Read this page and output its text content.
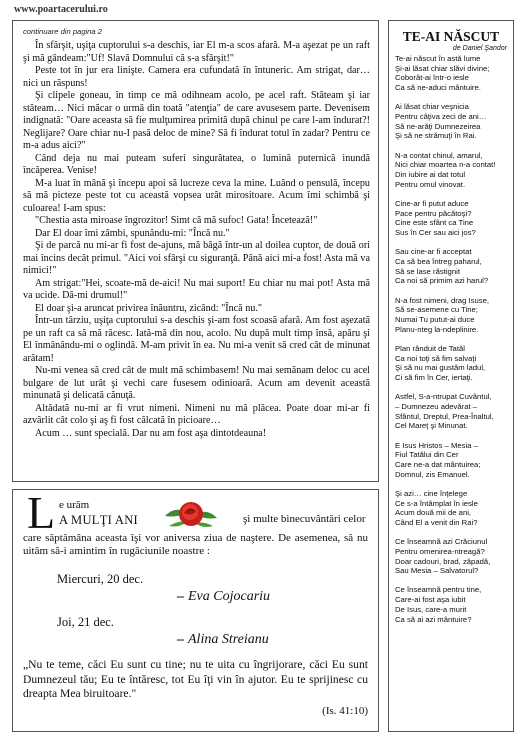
www.poartacerului.ro
continuare din pagina 2

În sfârşit, uşiţa cuptorului s-a deschis, iar El m-a scos afară. M-a aşezat pe un raft şi mă gândeam:"Uf! Slavă Domnului că s-a sfârşit!"

Peste tot în jur era linişte. Camera era cufundată în întuneric. Am strigat, dar… nici un răspuns!

Şi clipele goneau, în timp ce mă odihneam acolo, pe acel raft. Stăteam şi iar stăteam… Nici măcar o urmă din toată "atenţia" de care avusesem parte. Devenisem indignată: "Oare aceasta să fie mulţumirea primită după chinul pe care l-am îndurat?! Neglijare? Oare chiar nu-I pasă deloc de mine? Să fi îndurat totul în zadar? Pentru ce m-a adus aici?"

Când deja nu mai puteam suferi singurătatea, o lumină puternică inundă încăperea. Venise!

M-a luat în mână şi începu apoi să lucreze ceva la mine. Luând o pensulă, începu să mă picteze peste tot cu această vopsea urât mirositoare. Acum îmi schimbă şi culoarea! I-am spus:

"Chestia asta miroase îngrozitor! Simt că mă sufoc! Gata! Încetează!"

Dar El doar îmi zâmbi, spunându-mi: "Încă nu."

Şi de parcă nu mi-ar fi fost de-ajuns, mă băgă într-un al doilea cuptor, de două ori mai încins decât primul. "Aici voi sfârşi cu siguranţă. Până aici mi-a fost! Asta mă va nimici!"

Am strigat:"Hei, scoate-mă de-aici! Nu mai suport! Eu chiar nu mai pot! Asta mă va ucide. Dă-mi drumul!"

El doar şi-a aruncat privirea înăuntru, zicând: "Încă nu."

Într-un târziu, uşiţa cuptorului s-a deschis şi-am fost scoasă afară. Am fost aşezată pe un raft ca să mă răcesc. Iată-mă din nou, acolo. Nu după mult timp însă, apăru şi El înmânându-mi o oglindă. M-am privit în ea. Nu mi-a venit să cred cât de minunat arătam!

Nu-mi venea să cred cât de mult mă schimbasem! Nu mai semănam deloc cu acel bulgare de lut urât şi vechi care fusesem odinioară. Acum am devenit această minunată şi delicată cănuţă.

Altădată nu-mi ar fi vrut nimeni. Nimeni nu mă plăcea. Poate doar mi-ar fi azvârlit cât colo şi aş fi fost călcată în picioare…

Acum … sunt specială. Dar nu am fost aşa dintotdeauna!

L e urăm
A MULŢI ANI	şi multe binecuvântări celor

care săptămâna aceasta îşi vor aniversa ziua de naştere. De asemenea, să nu uităm să-i amintim în rugăciunile noastre :

Miercuri, 20 dec.

– Eva Cojocariu

Joi, 21 dec.

– Alina Streianu

„Nu te teme, căci Eu sunt cu tine; nu te uita cu îngrijorare, căci Eu sunt Dumnezeul tău; Eu te întăresc, tot Eu îţi vin în ajutor. Eu te sprijinesc cu dreapta Mea biruitoare."

(Is. 41:10)

TE-AI NĂSCUT

de Daniel Şandor

Te-ai născut în astă lume
Şi-ai lăsat chiar slăvi divine;
Coborât-ai într-o iesle
Ca să ne-aduci mântuire.
Ai lăsat chiar veşnicia
Pentru câţiva zeci de ani…
Să ne-arăţi Dumnezeirea
Şi să ne strămuţi în Rai.
N-a contat chinul, amarul,
Nici chiar moartea n-a contat!
Din iubire ai dat totul
Pentru omul vinovat.
Cine-ar fi putut aduce
Pace pentru păcătoşi?
Cine este sfânt ca Tine
Sus în Cer sau aici jos?
Sau cine-ar fi acceptat
Ca să bea întreg paharul,
Să se lase răstignit
Ca noi să primim azi harul?
N-a fost nimeni, drag Isuse,
Să se-asemene cu Tine;
Numai Tu putut-ai duce
Planu-nteg la-ndeplinire.
Plan rânduit de Tatăl
Ca noi toţi să fim salvaţi
Şi să nu mai gustăm ladul,
Ci să fim în Cer, iertaţi.
Astfel, S-a-ntrupat Cuvântul,
– Dumnezeu adevărat –
Sfântul, Dreptul, Prea-Înaltul,
Cel Mareţ şi Minunat.
E Isus Hristos – Mesia –
Fiul Tatălui din Cer
Care ne-a dat mântuirea;
Domnul, zis Emanuel.
Şi azi… cine înţelege
Ce s-a întâmplat în iesle
Acum două mii de ani,
Când El a venit din Rai?
Ce înseamnă azi Crăciunul
Pentru omenirea-ntreagă?
Doar cadouri, brad, zăpadă,
Sau Mesia – Salvatorul?
Ce înseamnă pentru tine,
Care-ai fost aşa iubit
De Isus, care-a murit
Ca să ai azi mântuire?
